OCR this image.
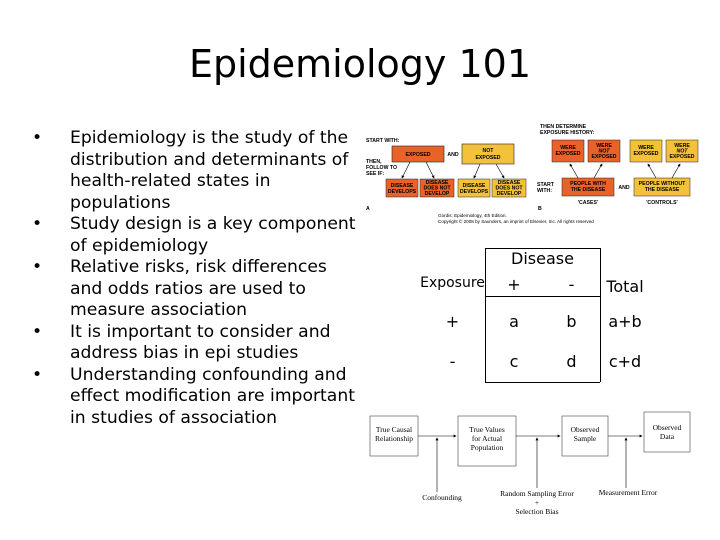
Epidemiology 101
• Epidemiology is the study of the distribution and determinants of health-related states in populations
• Study design is a key component of epidemiology
• Relative risks, risk differences and odds ratios are used to measure association
• It is important to consider and address bias in epi studies
• Understanding confounding and effect modification are important in studies of association
START WITH:
THEN, FOLLOW TO SEE IF:
EXPOSED	AND
NOT EXPOSED
DISEASE DEVELOPS
DISEASE DOES NOT DEVELOP
DISEASE DEVELOPS
DISEASE DOES NOT DEVELOP
A
THEN DETERMINE EXPOSURE HISTORY:
WERE EXPOSED
WERE NOT EXPOSED
WERE EXPOSED
WERE NOT EXPOSED
START WITH:
PEOPLE WITH THE DISEASE	AND
PEOPLE WITHOUT THE DISEASE
'CASES'	'CONTROLS'
B
Gordis: Epidemiology, 4th Edition.
Copyright © 2008 by Saunders, an imprint of Elsevier, Inc. All rights reserved
Disease
Exposure	+	-	Total
+	a	b	a+b
-	c	d	c+d
True Causal Relationship
True Values for Actual Population
Observed Sample
Observed Data
Confounding	Random Sampling Error
+
Selection Bias
Measurement Error
